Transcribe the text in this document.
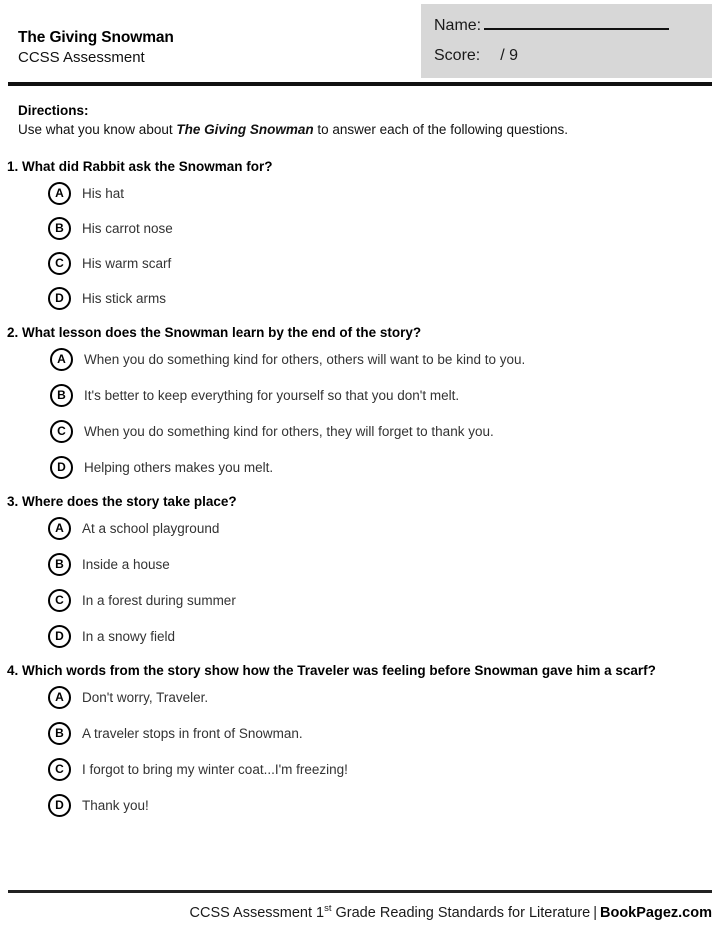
The Giving Snowman
CCSS Assessment
Name:
Score: / 9
Directions:
Use what you know about The Giving Snowman to answer each of the following questions.
1. What did Rabbit ask the Snowman for?
A	His hat
B	His carrot nose
C	His warm scarf
D	His stick arms
2. What lesson does the Snowman learn by the end of the story?
A	When you do something kind for others, others will want to be kind to you.
B	It's better to keep everything for yourself so that you don't melt.
C	When you do something kind for others, they will forget to thank you.
D	Helping others makes you melt.
3. Where does the story take place?
A	At a school playground
B	Inside a house
C	In a forest during summer
D	In a snowy field
4. Which words from the story show how the Traveler was feeling before Snowman gave him a scarf?
A	Don't worry, Traveler.
B	A traveler stops in front of Snowman.
C	I forgot to bring my winter coat...I'm freezing!
D	Thank you!
CCSS Assessment 1st Grade Reading Standards for Literature | BookPagez.com
